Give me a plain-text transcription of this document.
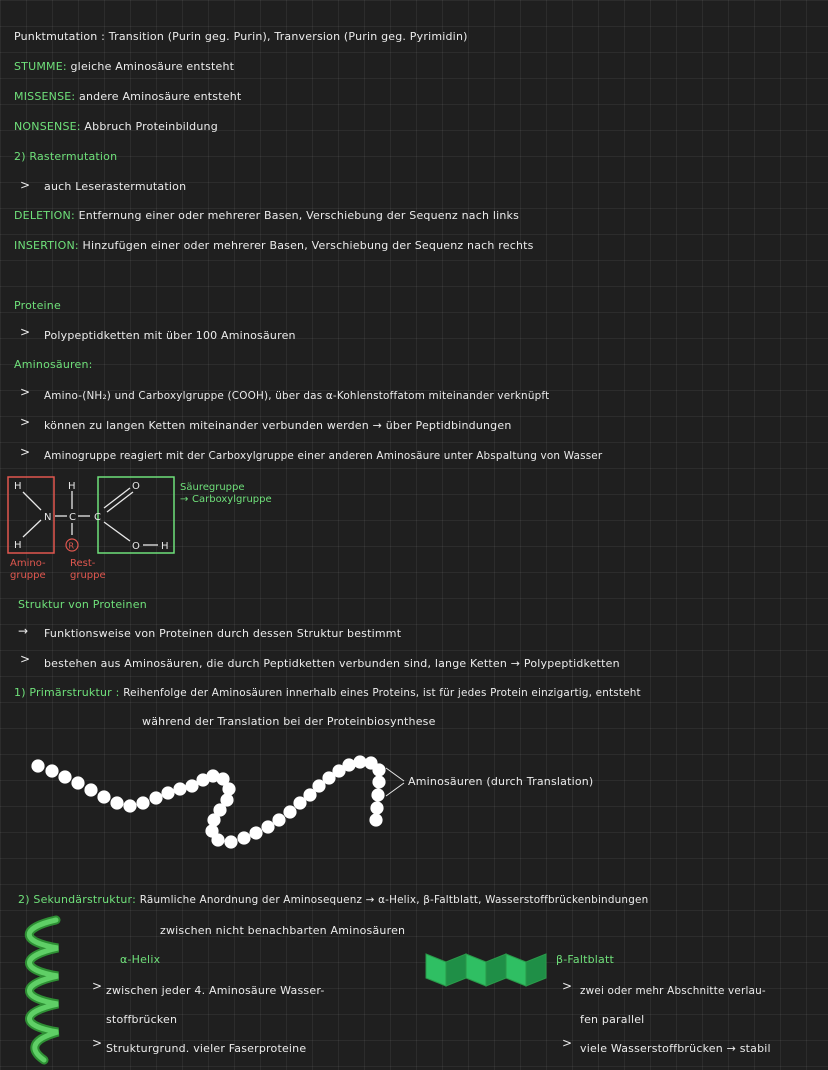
Punktmutation : Transition (Purin geg. Purin), Tranversion (Purin geg. Pyrimidin)
STUMME: gleiche Aminosäure entsteht
MISSENSE: andere Aminosäure entsteht
NONSENSE: Abbruch Proteinbildung
2) Rastermutation
> auch Leserastermutation
DELETION: Entfernung einer oder mehrerer Basen, Verschiebung der Sequenz nach links
INSERTION: Hinzufügen einer oder mehrerer Basen, Verschiebung der Sequenz nach rechts
Proteine
> Polypeptidketten mit über 100 Aminosäuren
Aminosäuren:
> Amino-(NH₂) und Carboxylgruppe (COOH), über das α-Kohlenstoffatom miteinander verknüpft
> können zu langen Ketten miteinander verbunden werden → über Peptidbindungen
> Aminogruppe reagiert mit der Carboxylgruppe einer anderen Aminosäure unter Abspaltung von Wasser
H	H
H
N C C
O
O H
R
Säuregruppe
→ Carboxylgruppe
Amino-
gruppe
Rest-
gruppe
Struktur von Proteinen
→ Funktionsweise von Proteinen durch dessen Struktur bestimmt
> bestehen aus Aminosäuren, die durch Peptidketten verbunden sind, lange Ketten → Polypeptidketten
1) Primärstruktur : Reihenfolge der Aminosäuren innerhalb eines Proteins, ist für jedes Protein einzigartig, entsteht
während der Translation bei der Proteinbiosynthese
Aminosäuren (durch Translation)
2) Sekundärstruktur: Räumliche Anordnung der Aminosequenz → α-Helix, β-Faltblatt, Wasserstoffbrückenbindungen
zwischen nicht benachbarten Aminosäuren
α-Helix
> zwischen jeder 4. Aminosäure Wasser-
stoffbrücken
> Strukturgrund. vieler Faserproteine
β-Faltblatt
> zwei oder mehr Abschnitte verlau-
fen parallel
> viele Wasserstoffbrücken → stabil
